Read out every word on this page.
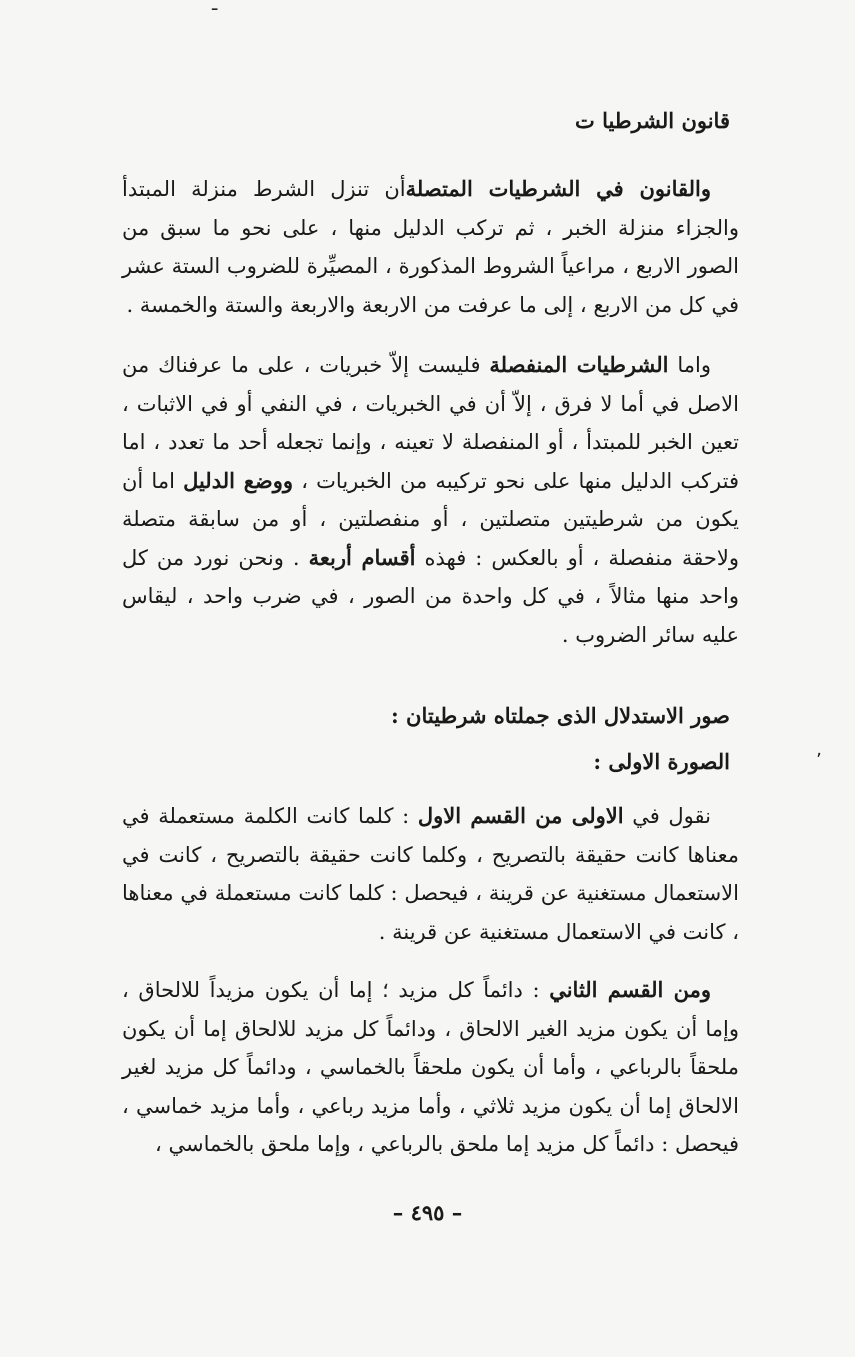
ـ
٬
قانون الشرطيا ت

والقانون في الشرطيات المتصلةأن تنزل الشرط منزلة المبتدأ والجزاء منزلة الخبر ، ثم تركب الدليل منها ، على نحو ما سبق من الصور الاربع ، مراعياً الشروط المذكورة ، المصيِّرة للضروب الستة عشر في كل من الاربع ، إلى ما عرفت من الاربعة والاربعة والستة والخمسة .

واما الشرطيات المنفصلة فليست إلاّ خبريات ، على ما عرفناك من الاصل في أما لا فرق ، إلاّ أن في الخبريات ، في النفي أو في الاثبات ، تعين الخبر للمبتدأ ، أو المنفصلة لا تعينه ، وإنما تجعله أحد ما تعدد ، اما فتركب الدليل منها على نحو تركيبه من الخبريات ، ووضع الدليل اما أن يكون من شرطيتين متصلتين ، أو منفصلتين ، أو من سابقة متصلة ولاحقة منفصلة ، أو بالعكس : فهذه أقسام أربعة . ونحن نورد من كل واحد منها مثالاً ، في كل واحدة من الصور ، في ضرب واحد ، ليقاس عليه سائر الضروب .

صور الاستدلال الذى جملتاه شرطيتان :
الصورة الاولى :

نقول في الاولى من القسم الاول : كلما كانت الكلمة مستعملة في معناها كانت حقيقة بالتصريح ، وكلما كانت حقيقة بالتصريح ، كانت في الاستعمال مستغنية عن قرينة ، فيحصل : كلما كانت مستعملة في معناها ، كانت في الاستعمال مستغنية عن قرينة .

ومن القسم الثاني : دائماً كل مزيد ؛ إما أن يكون مزيداً للالحاق ، وإما أن يكون مزيد الغير الالحاق ، ودائماً كل مزيد للالحاق إما أن يكون ملحقاً بالرباعي ، وأما أن يكون ملحقاً بالخماسي ، ودائماً كل مزيد لغير الالحاق إما أن يكون مزيد ثلاثي ، وأما مزيد رباعي ، وأما مزيد خماسي ، فيحصل : دائماً كل مزيد إما ملحق بالرباعي ، وإما ملحق بالخماسي ،

– ٤٩٥ –
